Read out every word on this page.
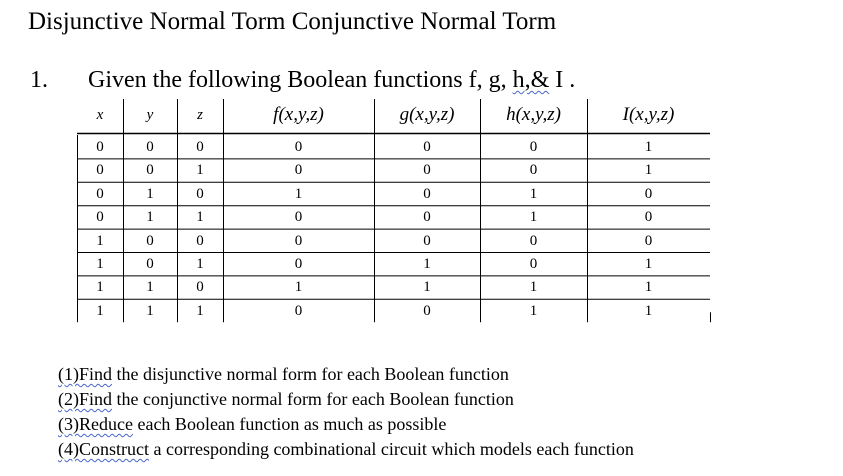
Disjunctive Normal Torm Conjunctive Normal Torm
1. Given the following Boolean functions f, g, h,& I .
x	y	z	f(x,y,z)	g(x,y,z)	h(x,y,z)	I(x,y,z)
0	0	0	0	0	0	1
0	0	1	0	0	0	1
0	1	0	1	0	1	0
0	1	1	0	0	1	0
1	0	0	0	0	0	0
1	0	1	0	1	0	1
1	1	0	1	1	1	1
1	1	1	0	0	1	1
(1)Find the disjunctive normal form for each Boolean function
(2)Find the conjunctive normal form for each Boolean function
(3)Reduce each Boolean function as much as possible
(4)Construct a corresponding combinational circuit which models each function
